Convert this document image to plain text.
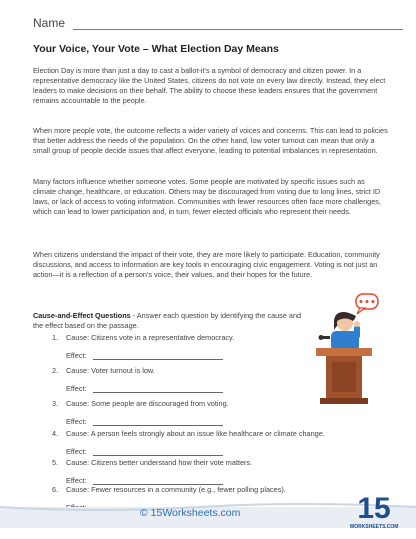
Name
Your Voice, Your Vote – What Election Day Means

Election Day is more than just a day to cast a ballot-it's a symbol of democracy and citizen power. In a representative democracy like the United States, citizens do not vote on every law directly. Instead, they elect leaders to make decisions on their behalf. The ability to choose these leaders ensures that the government remains accountable to the people.

When more people vote, the outcome reflects a wider variety of voices and concerns. This can lead to policies that better address the needs of the population. On the other hand, low voter turnout can mean that only a small group of people decide issues that affect everyone, leading to potential imbalances in representation.

Many factors influence whether someone votes. Some people are motivated by specific issues such as climate change, healthcare, or education. Others may be discouraged from voting due to long lines, strict ID laws, or lack of access to voting information. Communities with fewer resources often face more challenges, which can lead to lower participation and, in turn, fewer elected officials who represent their needs.

When citizens understand the impact of their vote, they are more likely to participate. Education, community discussions, and access to information are key tools in encouraging civic engagement. Voting is not just an action—it is a reflection of a person's voice, their values, and their hopes for the future.

Cause-and-Effect Questions - Answer each question by identifying the cause and the effect based on the passage.
1.	Cause: Citizens vote in a representative democracy.
Effect:
2.	Cause: Voter turnout is low.
Effect:
3.	Cause: Some people are discouraged from voting.
Effect:
4.	Cause: A person feels strongly about an issue like healthcare or climate change.
Effect:
5.	Cause: Citizens better understand how their vote matters.
Effect:
6.	Cause: Fewer resources in a community (e.g., fewer polling places).
© 15Worksheets.com	15
WORKSHEETS.COM
